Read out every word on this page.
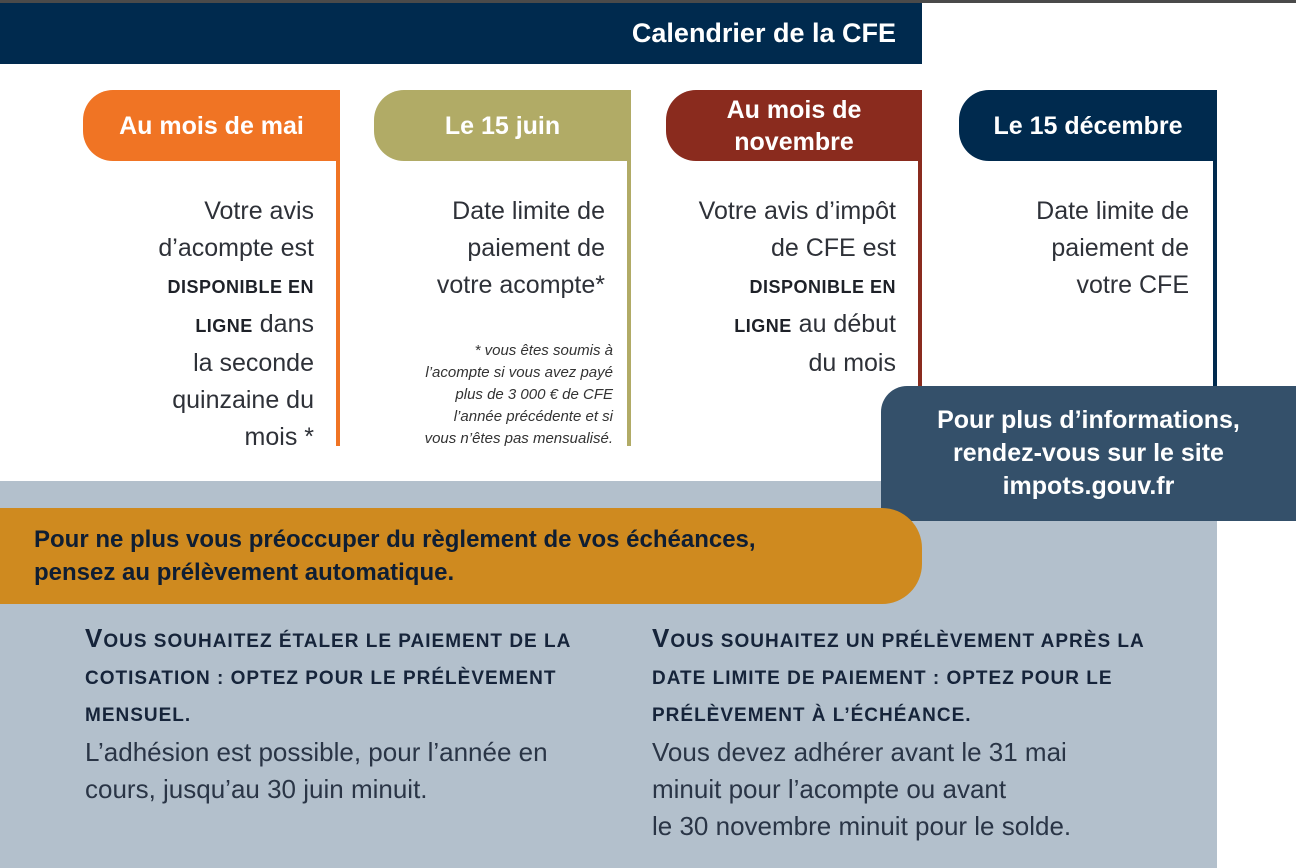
Calendrier de la CFE
Au mois de mai
Votre avis
d’acompte est
DISPONIBLE EN
LIGNE dans
la seconde
quinzaine du
mois *
Le 15 juin
Date limite de
paiement de
votre acompte*
* vous êtes soumis à
l’acompte si vous avez payé
plus de 3 000 € de CFE
l’année précédente et si
vous n’êtes pas mensualisé.
Au mois de
novembre
Votre avis d’impôt
de CFE est
DISPONIBLE EN
LIGNE au début
du mois
Le 15 décembre
Date limite de
paiement de
votre CFE
Pour plus d’informations,
rendez-vous sur le site
impots.gouv.fr
Pour ne plus vous préoccuper du règlement de vos échéances,
pensez au prélèvement automatique.
VOUS SOUHAITEZ ÉTALER LE PAIEMENT DE LA
COTISATION : OPTEZ POUR LE PRÉLÈVEMENT
MENSUEL.
L’adhésion est possible, pour l’année en
cours, jusqu’au 30 juin minuit.
VOUS SOUHAITEZ UN PRÉLÈVEMENT APRÈS LA
DATE LIMITE DE PAIEMENT : OPTEZ POUR LE
PRÉLÈVEMENT À L’ÉCHÉANCE.
Vous devez adhérer avant le 31 mai
minuit pour l’acompte ou avant
le 30 novembre minuit pour le solde.
